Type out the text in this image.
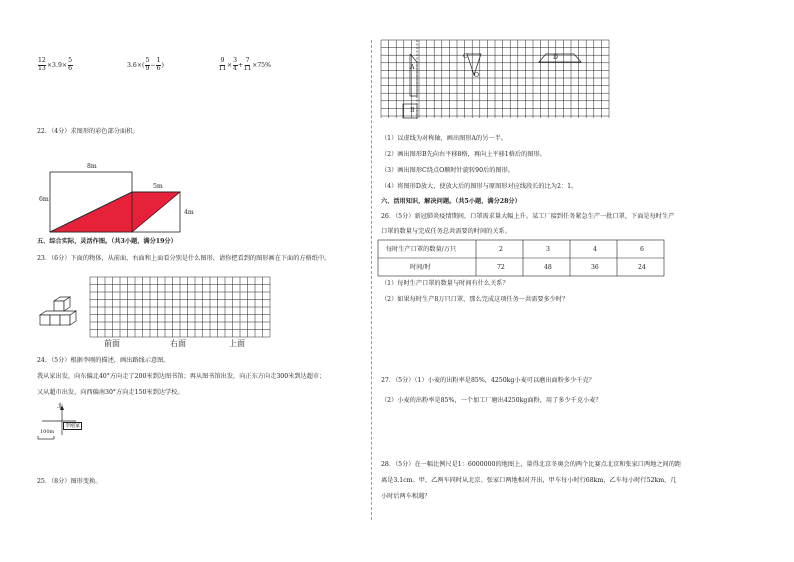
$\frac{12}{13} \times 3.9\times \frac{5}{6}$	3.6×(
5
$9 - \frac{1}{6}$ )	$\frac{9}{11} \times \frac{3}{4} + \frac{7}{11} \times 75\%$
22．（4分）求图形的彩色部分面积。
8m
6m
5m
4m
五、综合实际，灵活作图。（共3小题，满分19分）
23．（6分）下面的物体，从前面、右面和上面看分别是什么图形，请你把看到的图形画在下面的方格纸中。
前面	右面	上面
24．（5分）根据李刚的描述，画出路线示意图。
我从家出发，向东偏北40°方向走了200米到达图书馆；再从图书馆出发，向正东方向走300米到达超市；
又从超市出发，向西偏南30°方向走150米到达学校。
北
李刚家
100m
25．（8分）图形变换。
A
B
C
O
D
（1）以虚线为对称轴，画出图形A的另一半。
（2）画出图形B先向右平移8格，再向上平移1格后的图形。
（3）画出图形C绕点O顺时针旋转90后的图形。
（4）将图形D放大，使放大后的图形与原图形对应线段长的比为2：1。
六、活用知识，解决问题。（共5小题，满分28分）
26．（5分）新冠肺炎疫情期间，口罩需求量大幅上升。某工厂接到任务紧急生产一批口罩，下面是每时生产
口罩的数量与完成任务总共需要的时间的关系。
每时生产口罩的数量/万只	2	3	4	6
时间/时	72	48	36	24
（1）每时生产口罩的数量与时间有什么关系？
（2）如果每时生产8万只口罩，那么完成这项任务一共需要多少时？
27．（5分）（1）小麦的出粉率是85%，4250kg小麦可以磨出面粉多少千克？
（2）小麦的出粉率是85%，一个加工厂磨出4250kg面粉，用了多少千克小麦？
28．（5分）在一幅比例尺是1：6000000的地图上，量得北京冬奥会的两个比赛点北京和张家口两地之间的距
离是3.1cm。甲、乙两车同时从北京、张家口两地相对开出，甲车每小时行68km，乙车每小时行52km，几
小时后两车相遇？
